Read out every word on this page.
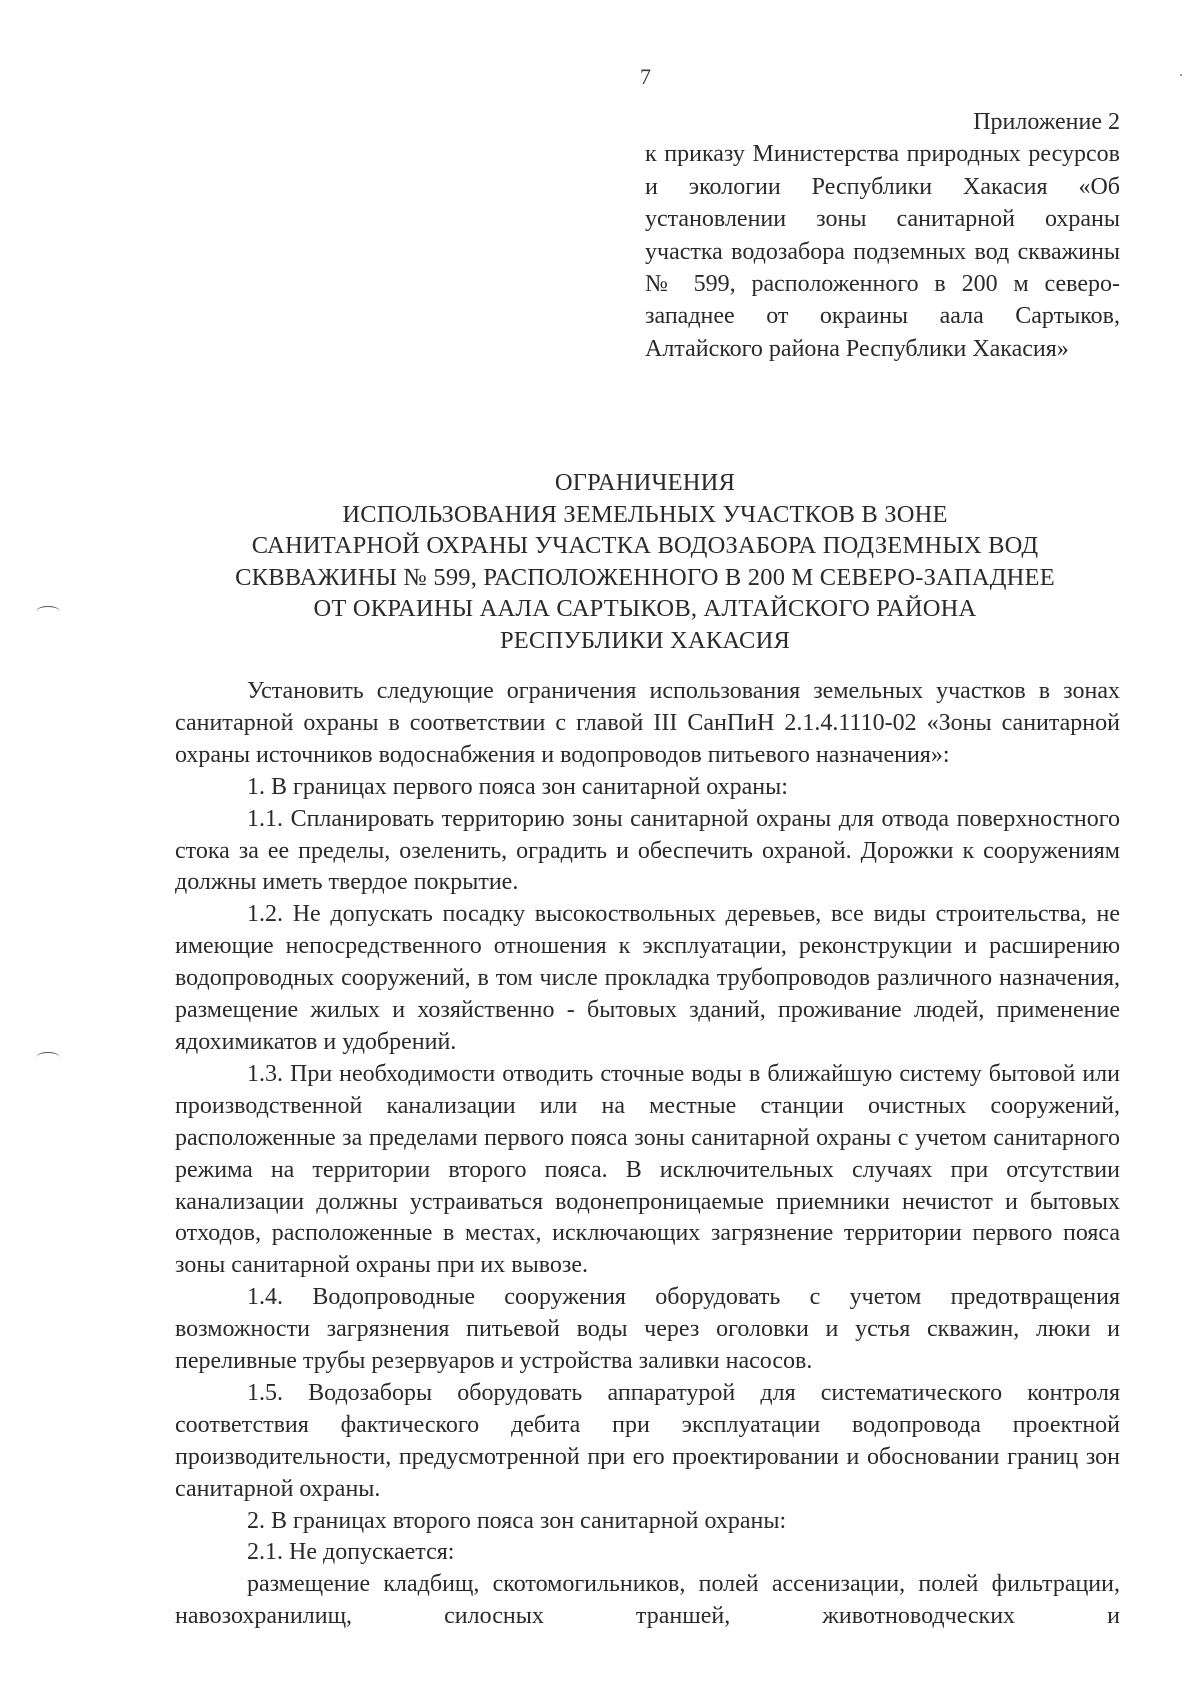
7
Приложение 2
к приказу Министерства природных ресурсов и экологии Республики Хакасия «Об установлении зоны санитарной охраны участка водозабора подземных вод скважины № 599, расположенного в 200 м северо-западнее от окраины аала Сартыков, Алтайского района Республики Хакасия»
ОГРАНИЧЕНИЯ
ИСПОЛЬЗОВАНИЯ ЗЕМЕЛЬНЫХ УЧАСТКОВ В ЗОНЕ
САНИТАРНОЙ ОХРАНЫ УЧАСТКА ВОДОЗАБОРА ПОДЗЕМНЫХ ВОД
СКВВАЖИНЫ № 599, РАСПОЛОЖЕННОГО В 200 М СЕВЕРО-ЗАПАДНЕЕ
ОТ ОКРАИНЫ ААЛА САРТЫКОВ, АЛТАЙСКОГО РАЙОНА
РЕСПУБЛИКИ ХАКАСИЯ

Установить следующие ограничения использования земельных участков в зонах санитарной охраны в соответствии с главой III СанПиН 2.1.4.1110-02 «Зоны санитарной охраны источников водоснабжения и водопроводов питьевого назначения»:

1. В границах первого пояса зон санитарной охраны:

1.1. Спланировать территорию зоны санитарной охраны для отвода поверхностного стока за ее пределы, озеленить, оградить и обеспечить охраной. Дорожки к сооружениям должны иметь твердое покрытие.

1.2. Не допускать посадку высокоствольных деревьев, все виды строительства, не имеющие непосредственного отношения к эксплуатации, реконструкции и расширению водопроводных сооружений, в том числе прокладка трубопроводов различного назначения, размещение жилых и хозяйственно - бытовых зданий, проживание людей, применение ядохимикатов и удобрений.

1.3. При необходимости отводить сточные воды в ближайшую систему бытовой или производственной канализации или на местные станции очистных сооружений, расположенные за пределами первого пояса зоны санитарной охраны с учетом санитарного режима на территории второго пояса. В исключительных случаях при отсутствии канализации должны устраиваться водонепроницаемые приемники нечистот и бытовых отходов, расположенные в местах, исключающих загрязнение территории первого пояса зоны санитарной охраны при их вывозе.

1.4. Водопроводные сооружения оборудовать с учетом предотвращения возможности загрязнения питьевой воды через оголовки и устья скважин, люки и переливные трубы резервуаров и устройства заливки насосов.

1.5. Водозаборы оборудовать аппаратурой для систематического контроля соответствия фактического дебита при эксплуатации водопровода проектной производительности, предусмотренной при его проектировании и обосновании границ зон санитарной охраны.

2. В границах второго пояса зон санитарной охраны:

2.1. Не допускается:

размещение кладбищ, скотомогильников, полей ассенизации, полей фильтрации, навозохранилищ, силосных траншей, животноводческих и
